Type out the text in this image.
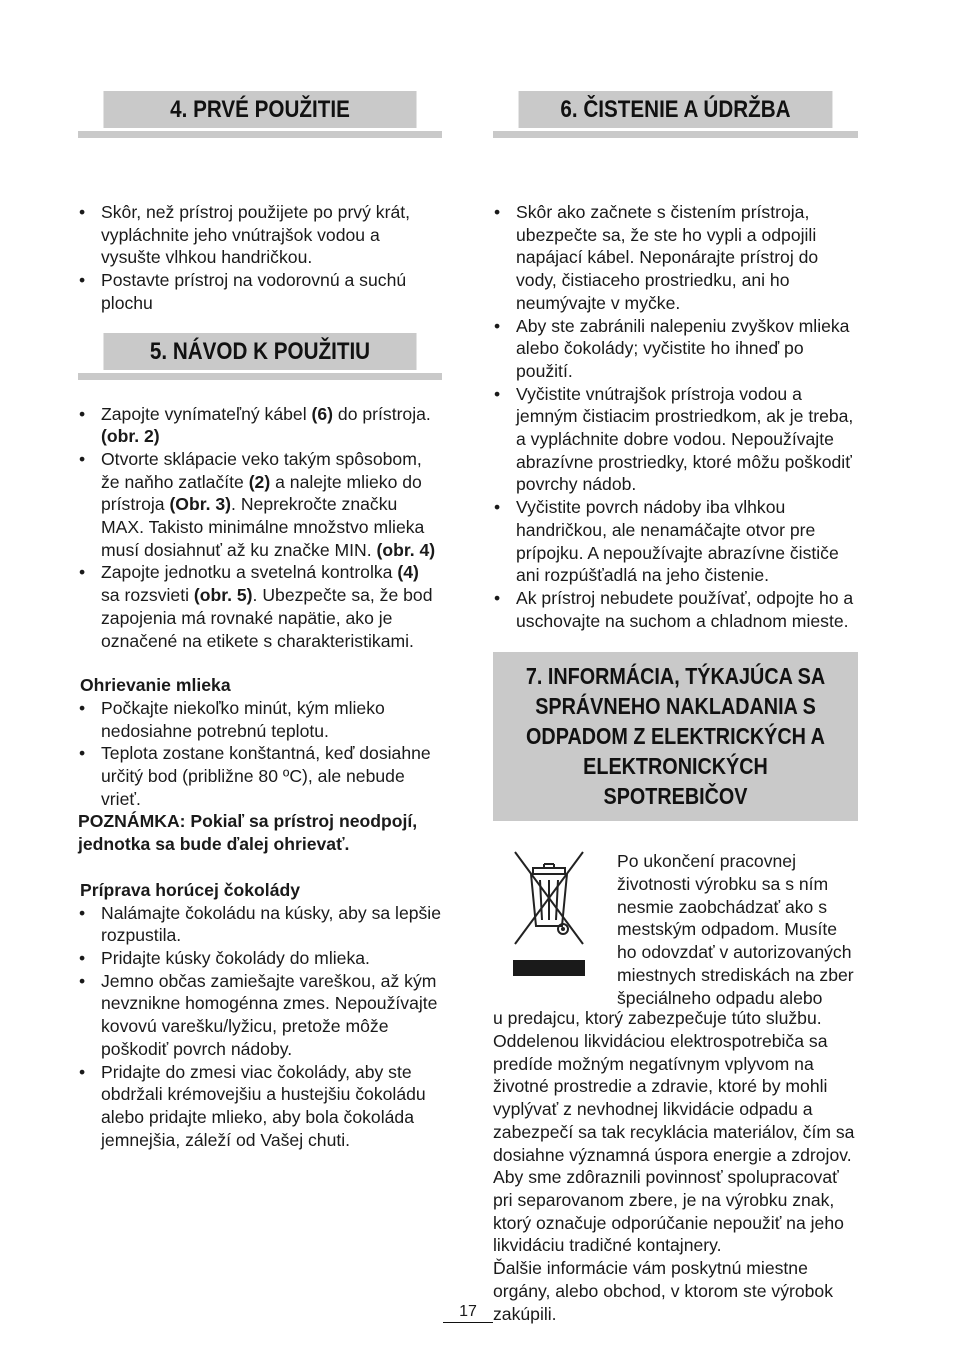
4. PRVÉ POUŽITIE
• Skôr, než prístroj použijete po prvý krát, vypláchnite jeho vnútrajšok vodou a vysušte vlhkou handričkou.
• Postavte prístroj na vodorovnú a suchú plochu
5. NÁVOD K POUŽITIU
• Zapojte vynímateľný kábel (6) do prístroja. (obr. 2)
• Otvorte sklápacie veko takým spôsobom, že naňho zatlačíte (2) a nalejte mlieko do prístroja (Obr. 3). Neprekročte značku MAX. Takisto minimálne množstvo mlieka musí dosiahnuť až ku značke MIN. (obr. 4)
• Zapojte jednotku a svetelná kontrolka (4) sa rozsvieti (obr. 5). Ubezpečte sa, že bod zapojenia má rovnaké napätie, ako je označené na etikete s charakteristikami.
Ohrievanie mlieka
• Počkajte niekoľko minút, kým mlieko nedosiahne potrebnú teplotu.
• Teplota zostane konštantná, keď dosiahne určitý bod (približne 80 ºC), ale nebude vrieť.
POZNÁMKA: Pokiaľ sa prístroj neodpojí, jednotka sa bude ďalej ohrievať.
Príprava horúcej čokolády
• Nalámajte čokoládu na kúsky, aby sa lepšie rozpustila.
• Pridajte kúsky čokolády do mlieka.
• Jemno občas zamiešajte vareškou, až kým nevznikne homogénna zmes. Nepoužívajte kovovú varešku/lyžicu, pretože môže poškodiť povrch nádoby.
• Pridajte do zmesi viac čokolády, aby ste obdržali krémovejšiu a hustejšiu čokoládu alebo pridajte mlieko, aby bola čokoláda jemnejšia, záleží od Vašej chuti.
6. ČISTENIE A ÚDRŽBA
• Skôr ako začnete s čistením prístroja, ubezpečte sa, že ste ho vypli a odpojili napájací kábel. Neponárajte prístroj do vody, čistiaceho prostriedku, ani ho neumývajte v myčke.
• Aby ste zabránili nalepeniu zvyškov mlieka alebo čokolády; vyčistite ho ihneď po použití.
• Vyčistite vnútrajšok prístroja vodou a jemným čistiacim prostriedkom, ak je treba, a vypláchnite dobre vodou. Nepoužívajte abrazívne prostriedky, ktoré môžu poškodiť povrchy nádob.
• Vyčistite povrch nádoby iba vlhkou handričkou, ale nenamáčajte otvor pre prípojku. A nepoužívajte abrazívne čističe ani rozpúšťadlá na jeho čistenie.
• Ak prístroj nebudete používať, odpojte ho a uschovajte na suchom a chladnom mieste.
7. INFORMÁCIA, TÝKAJÚCA SA SPRÁVNEHO NAKLADANIA S ODPADOM Z ELEKTRICKÝCH A ELEKTRONICKÝCH SPOTREBIČOV
Po ukončení pracovnej životnosti výrobku sa s ním nesmie zaobchádzať ako s mestským odpadom. Musíte ho odovzdať v autorizovaných miestnych strediskách na zber špeciálneho odpadu alebo
u predajcu, ktorý zabezpečuje túto službu. Oddelenou likvidáciou elektrospotrebiča sa predíde možným negatívnym vplyvom na životné prostredie a zdravie, ktoré by mohli vyplývať z nevhodnej likvidácie odpadu a zabezpečí sa tak recyklácia materiálov, čím sa dosiahne významná úspora energie a zdrojov. Aby sme zdôraznili povinnosť spolupracovať pri separovanom zbere, je na výrobku znak, ktorý označuje odporúčanie nepoužiť na jeho likvidáciu tradičné kontajnery.
Ďalšie informácie vám poskytnú miestne orgány, alebo obchod, v ktorom ste výrobok zakúpili.
17
